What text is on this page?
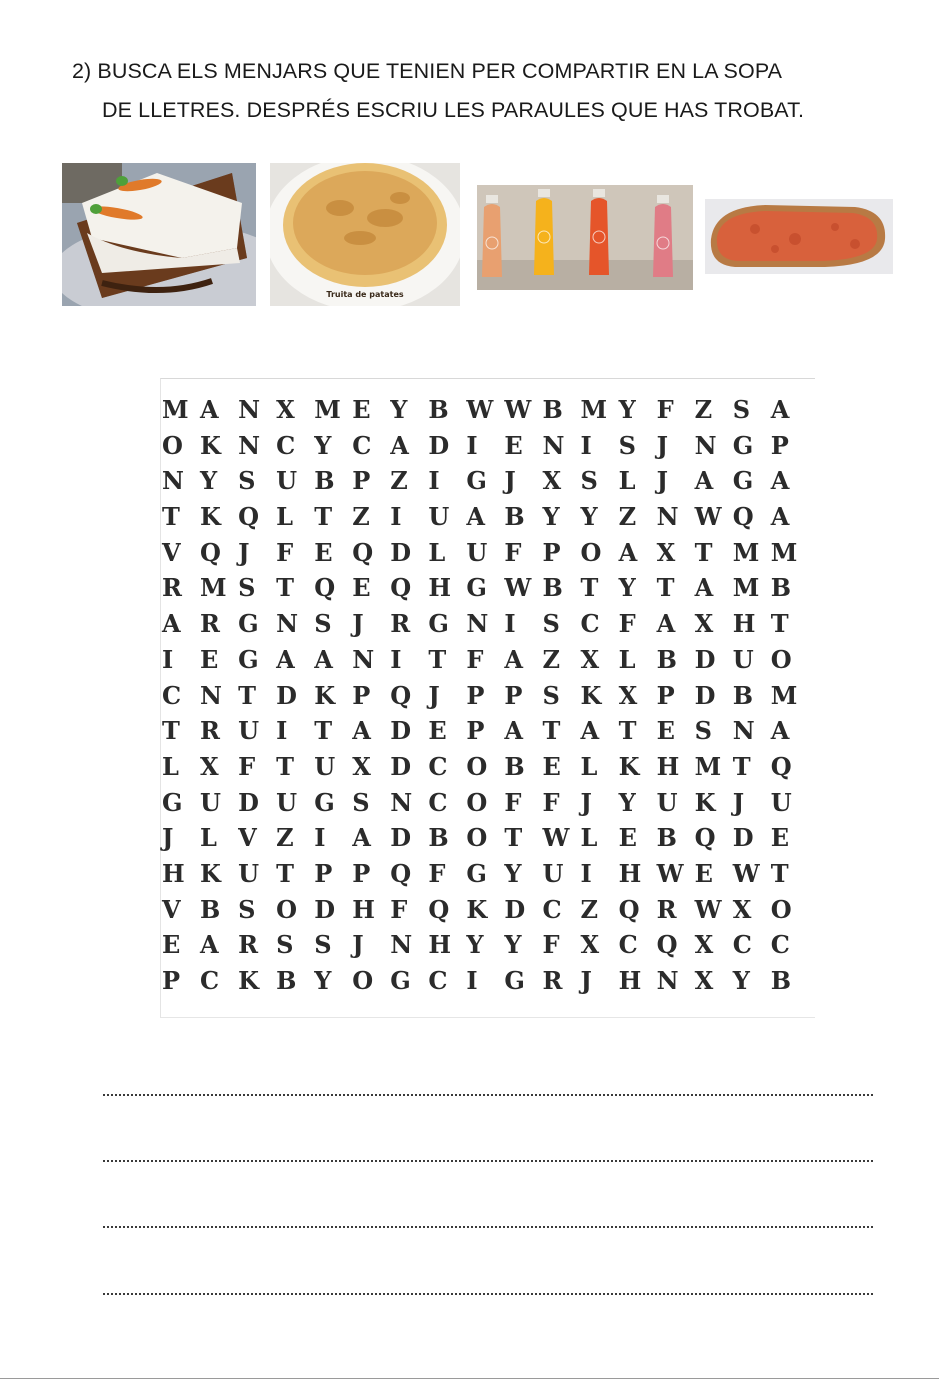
2) BUSCA ELS MENJARS QUE TENIEN PER COMPARTIR EN LA SOPA
DE LLETRES. DESPRÉS ESCRIU LES PARAULES QUE HAS TROBAT.
Truita de patates
M A N X M E Y B W W B M Y F Z S A
O K N C Y C A D I	E N I	S J	N G P
N Y S U B P Z I	G J	X S L J	A G A
T K Q L T Z I	U A B Y Y Z N W Q A
V Q J	F E Q D L U F P O A X T M M
R M S T Q E Q H G W B T Y T A M B
A R G N S J	R G N I	S C F A X H T
I	E G A A N I	T F A Z X L B D U O
C N T D K P Q J	P P S K X P D B M
T R U I	T A D E P A T A T E S N A
L X F T U X D C O B E L K H M T Q
G U D U G S N C O F F J	Y U K J	U
J	L V Z I	A D B O T W L E B Q D E
H K U T P P Q F G Y U I	H W E W T
V B S O D H F Q K D C Z Q R W X O
E A R S S J	N H Y Y F X C Q X C C
P C K B Y O G C I	G R J	H N X Y B
